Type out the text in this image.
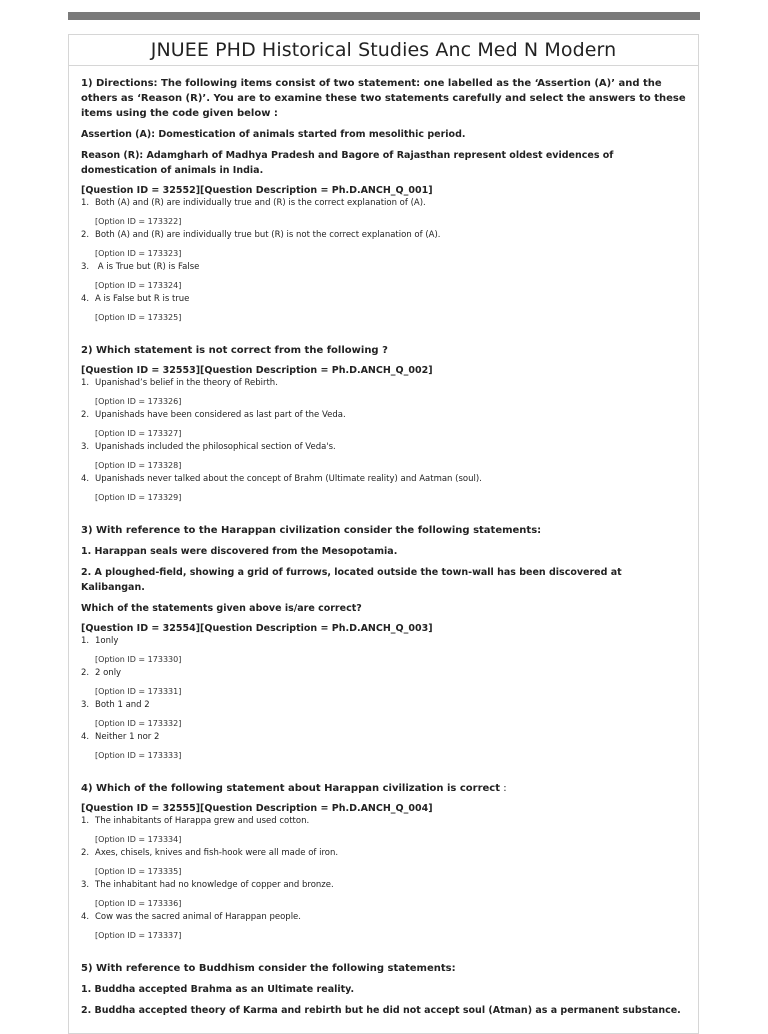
JNUEE PHD Historical Studies Anc Med N Modern
1) Directions: The following items consist of two statement: one labelled as the ‘Assertion (A)’ and the others as ‘Reason (R)’. You are to examine these two statements carefully and select the answers to these items using the code given below :
Assertion (A): Domestication of animals started from mesolithic period.
Reason (R): Adamgharh of Madhya Pradesh and Bagore of Rajasthan represent oldest evidences of domestication of animals in India.
[Question ID = 32552][Question Description = Ph.D.ANCH_Q_001]
1. Both (A) and (R) are individually true and (R) is the correct explanation of (A).
[Option ID = 173322]
2. Both (A) and (R) are individually true but (R) is not the correct explanation of (A).
[Option ID = 173323]
3. A is True but (R) is False
[Option ID = 173324]
4. A is False but R is true
[Option ID = 173325]
2) Which statement is not correct from the following ?
[Question ID = 32553][Question Description = Ph.D.ANCH_Q_002]
1. Upanishad’s belief in the theory of Rebirth.
[Option ID = 173326]
2. Upanishads have been considered as last part of the Veda.
[Option ID = 173327]
3. Upanishads included the philosophical section of Veda's.
[Option ID = 173328]
4. Upanishads never talked about the concept of Brahm (Ultimate reality) and Aatman (soul).
[Option ID = 173329]
3) With reference to the Harappan civilization consider the following statements:
1. Harappan seals were discovered from the Mesopotamia.
2. A ploughed-field, showing a grid of furrows, located outside the town-wall has been discovered at Kalibangan.
Which of the statements given above is/are correct?
[Question ID = 32554][Question Description = Ph.D.ANCH_Q_003]
1. 1only
[Option ID = 173330]
2. 2 only
[Option ID = 173331]
3. Both 1 and 2
[Option ID = 173332]
4. Neither 1 nor 2
[Option ID = 173333]
4) Which of the following statement about Harappan civilization is correct :
[Question ID = 32555][Question Description = Ph.D.ANCH_Q_004]
1. The inhabitants of Harappa grew and used cotton.
[Option ID = 173334]
2. Axes, chisels, knives and fish-hook were all made of iron.
[Option ID = 173335]
3. The inhabitant had no knowledge of copper and bronze.
[Option ID = 173336]
4. Cow was the sacred animal of Harappan people.
[Option ID = 173337]
5) With reference to Buddhism consider the following statements:
1. Buddha accepted Brahma as an Ultimate reality.
2. Buddha accepted theory of Karma and rebirth but he did not accept soul (Atman) as a permanent substance.
